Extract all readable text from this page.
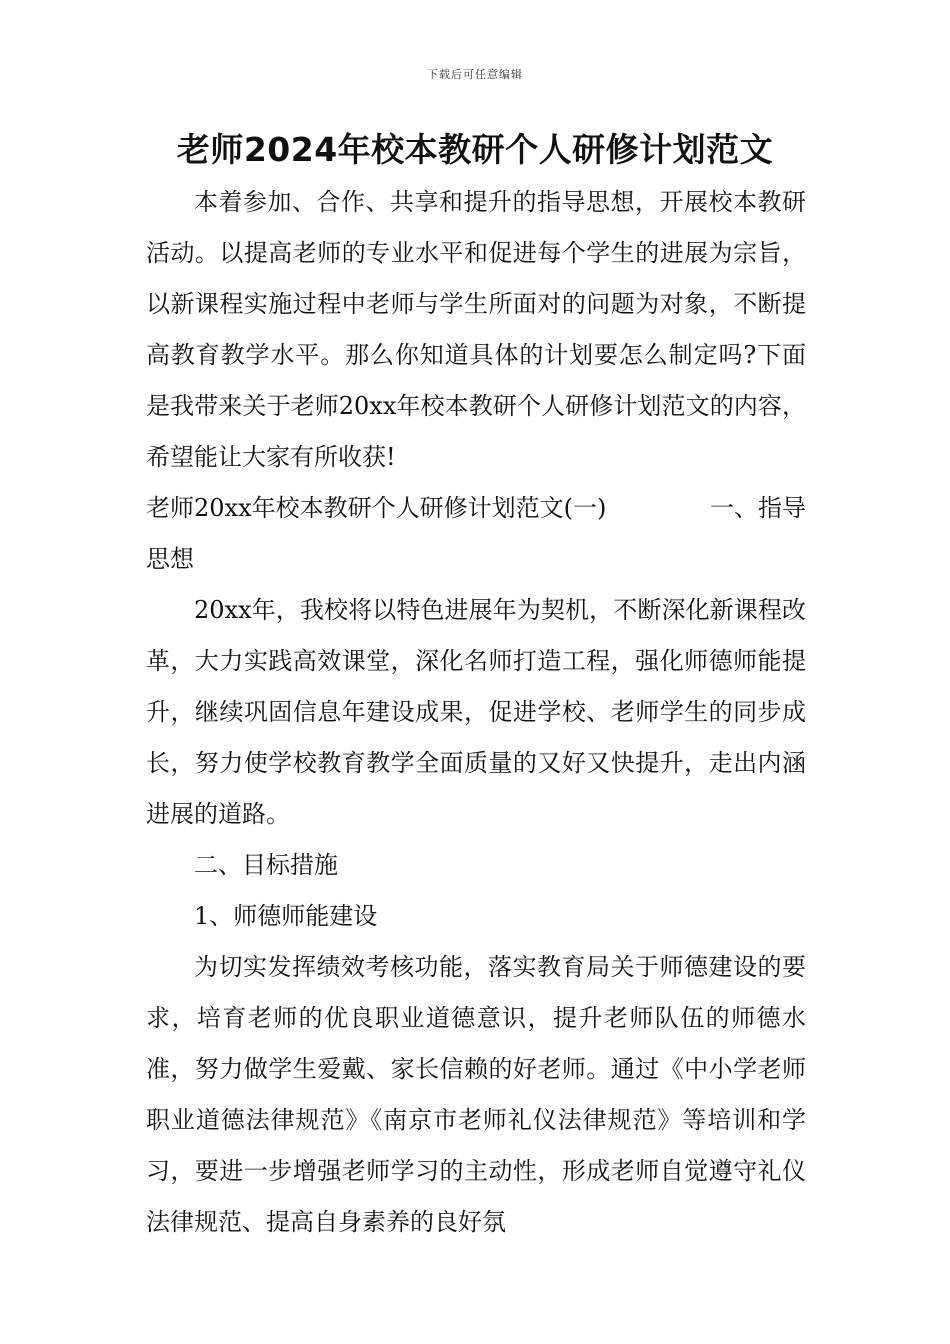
下载后可任意编辑
老师2024年校本教研个人研修计划范文

本着参加、合作、共享和提升的指导思想，开展校本教研活动。以提高老师的专业水平和促进每个学生的进展为宗旨，以新课程实施过程中老师与学生所面对的问题为对象，不断提高教育教学水平。那么你知道具体的计划要怎么制定吗?下面是我带来关于老师20xx年校本教研个人研修计划范文的内容，希望能让大家有所收获!

老师20xx年校本教研个人研修计划范文(一)	一、指导
思想

20xx年，我校将以特色进展年为契机，不断深化新课程改革，大力实践高效课堂，深化名师打造工程，强化师德师能提升，继续巩固信息年建设成果，促进学校、老师学生的同步成长，努力使学校教育教学全面质量的又好又快提升，走出内涵进展的道路。

二、目标措施

1、师德师能建设

为切实发挥绩效考核功能，落实教育局关于师德建设的要求，培育老师的优良职业道德意识，提升老师队伍的师德水准，努力做学生爱戴、家长信赖的好老师。通过《中小学老师职业道德法律规范》《南京市老师礼仪法律规范》等培训和学习，要进一步增强老师学习的主动性，形成老师自觉遵守礼仪法律规范、提高自身素养的良好氛
